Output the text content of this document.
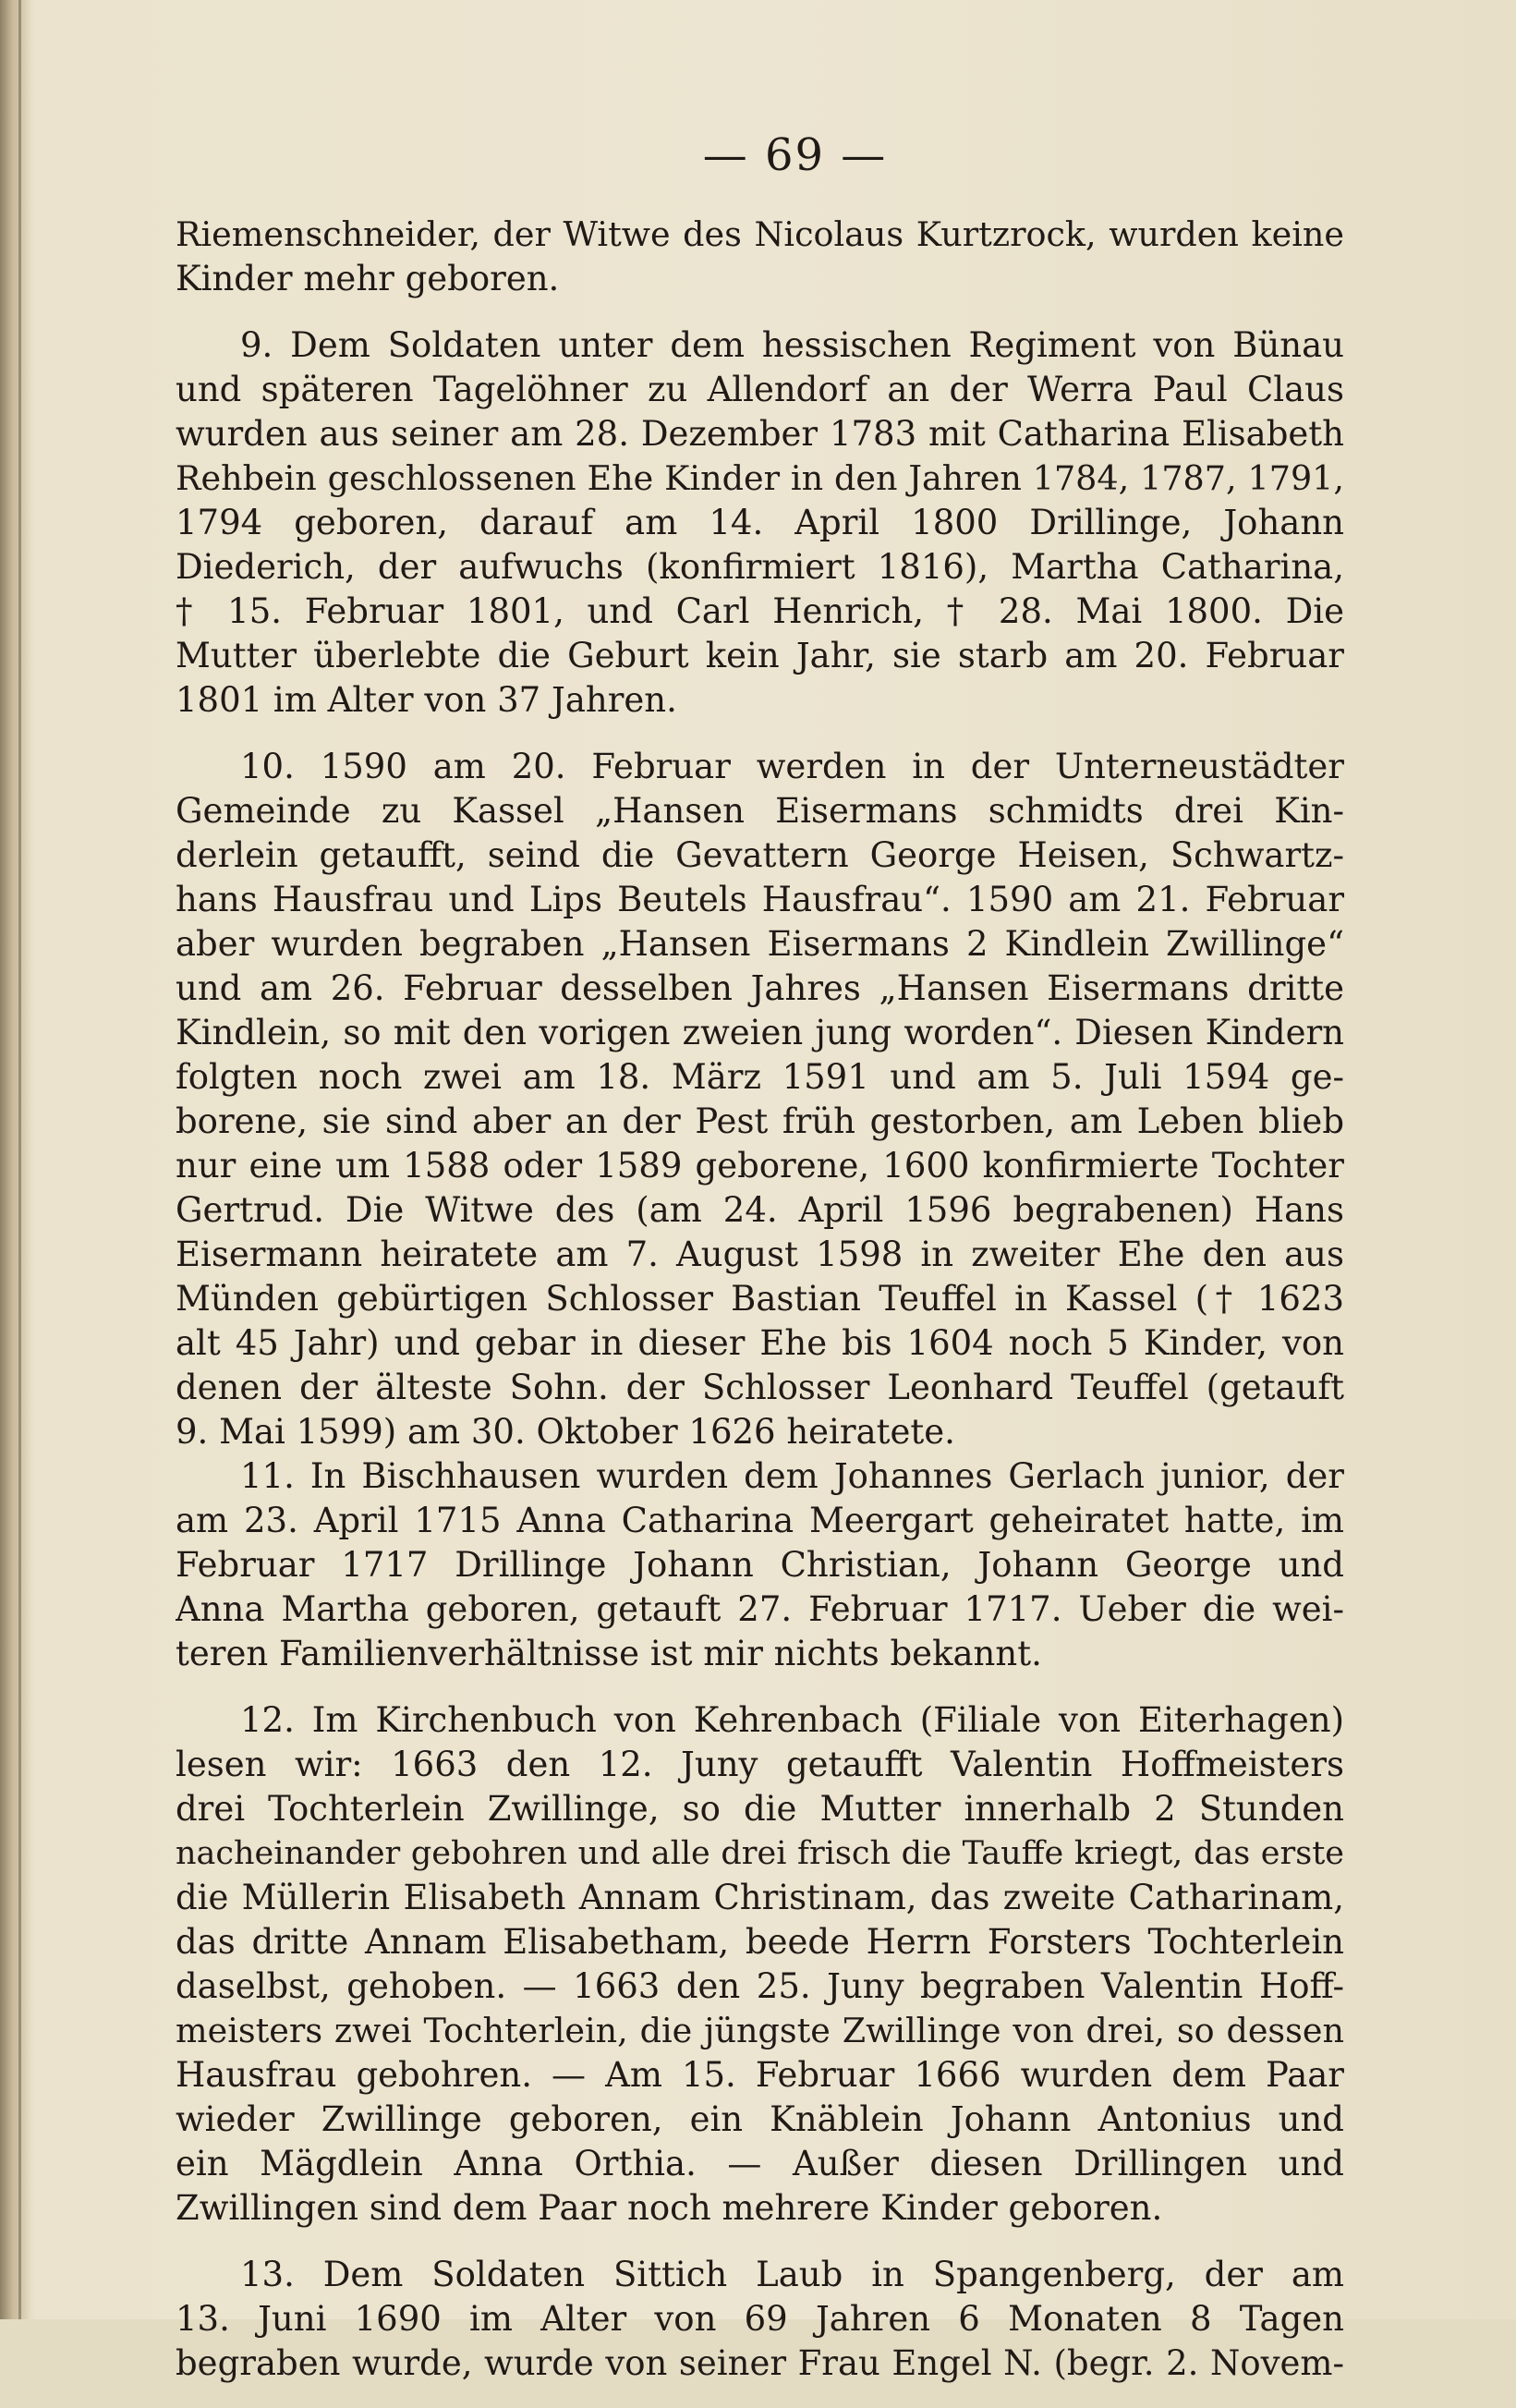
— 69 —
Riemenschneider, der Witwe des Nicolaus Kurtzrock, wurden keine
Kinder mehr geboren.
9. Dem Soldaten unter dem hessischen Regiment von Bünau
und späteren Tagelöhner zu Allendorf an der Werra Paul Claus
wurden aus seiner am 28. Dezember 1783 mit Catharina Elisabeth
Rehbein geschlossenen Ehe Kinder in den Jahren 1784, 1787, 1791,
1794 geboren, darauf am 14. April 1800 Drillinge, Johann
Diederich, der aufwuchs (konfirmiert 1816), Martha Catharina,
† 15. Februar 1801, und Carl Henrich, † 28. Mai 1800. Die
Mutter überlebte die Geburt kein Jahr, sie starb am 20. Februar
1801 im Alter von 37 Jahren.
10. 1590 am 20. Februar werden in der Unterneustädter
Gemeinde zu Kassel „Hansen Eisermans schmidts drei Kin-
derlein getaufft, seind die Gevattern George Heisen, Schwartz-
hans Hausfrau und Lips Beutels Hausfrau“. 1590 am 21. Februar
aber wurden begraben „Hansen Eisermans 2 Kindlein Zwillinge“
und am 26. Februar desselben Jahres „Hansen Eisermans dritte
Kindlein, so mit den vorigen zweien jung worden“. Diesen Kindern
folgten noch zwei am 18. März 1591 und am 5. Juli 1594 ge-
borene, sie sind aber an der Pest früh gestorben, am Leben blieb
nur eine um 1588 oder 1589 geborene, 1600 konfirmierte Tochter
Gertrud. Die Witwe des (am 24. April 1596 begrabenen) Hans
Eisermann heiratete am 7. August 1598 in zweiter Ehe den aus
Münden gebürtigen Schlosser Bastian Teuffel in Kassel († 1623
alt 45 Jahr) und gebar in dieser Ehe bis 1604 noch 5 Kinder, von
denen der älteste Sohn. der Schlosser Leonhard Teuffel (getauft
9. Mai 1599) am 30. Oktober 1626 heiratete.
11. In Bischhausen wurden dem Johannes Gerlach junior, der
am 23. April 1715 Anna Catharina Meergart geheiratet hatte, im
Februar 1717 Drillinge Johann Christian, Johann George und
Anna Martha geboren, getauft 27. Februar 1717. Ueber die wei-
teren Familienverhältnisse ist mir nichts bekannt.
12. Im Kirchenbuch von Kehrenbach (Filiale von Eiterhagen)
lesen wir: 1663 den 12. Juny getaufft Valentin Hoffmeisters
drei Tochterlein Zwillinge, so die Mutter innerhalb 2 Stunden
nacheinander gebohren und alle drei frisch die Tauffe kriegt, das erste
die Müllerin Elisabeth Annam Christinam, das zweite Catharinam,
das dritte Annam Elisabetham, beede Herrn Forsters Tochterlein
daselbst, gehoben. — 1663 den 25. Juny begraben Valentin Hoff-
meisters zwei Tochterlein, die jüngste Zwillinge von drei, so dessen
Hausfrau gebohren. — Am 15. Februar 1666 wurden dem Paar
wieder Zwillinge geboren, ein Knäblein Johann Antonius und
ein Mägdlein Anna Orthia. — Außer diesen Drillingen und
Zwillingen sind dem Paar noch mehrere Kinder geboren.
13. Dem Soldaten Sittich Laub in Spangenberg, der am
13. Juni 1690 im Alter von 69 Jahren 6 Monaten 8 Tagen
begraben wurde, wurde von seiner Frau Engel N. (begr. 2. Novem-
